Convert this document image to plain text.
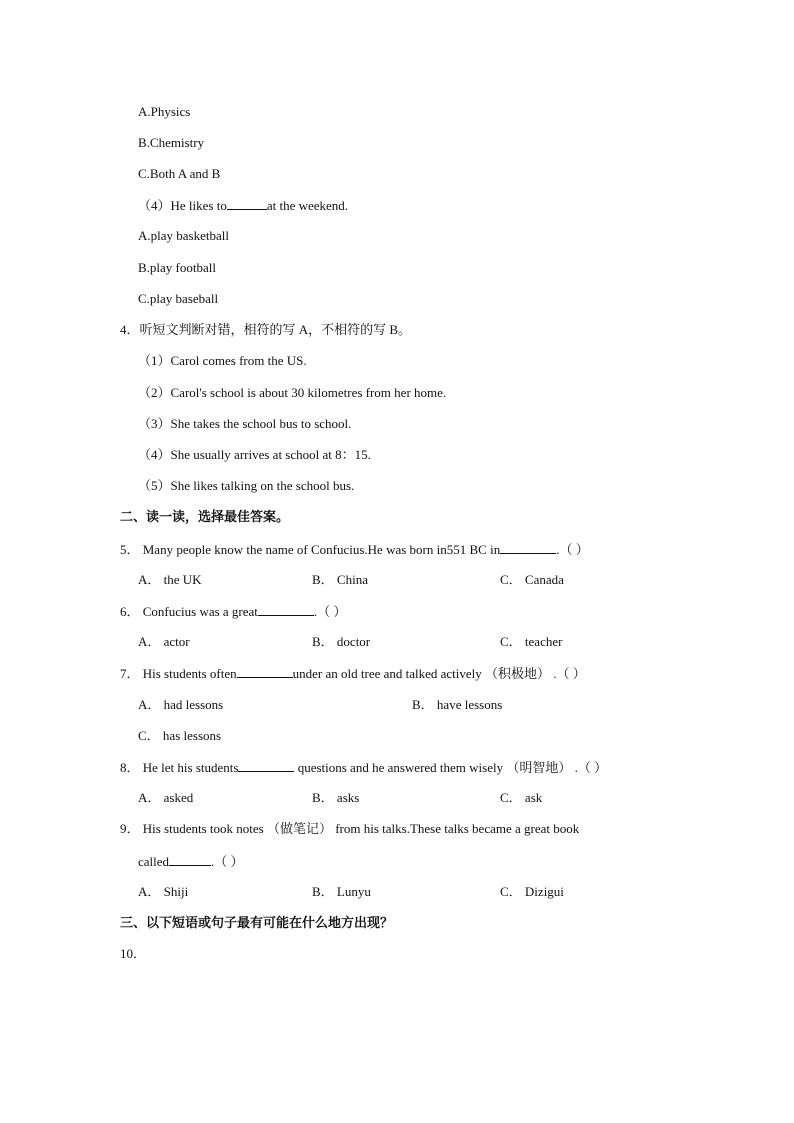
A.Physics
B.Chemistry
C.Both A and B
（4）He likes to	at the weekend.
A.play basketball
B.play football
C.play baseball
4．听短文判断对错，相符的写 A，不相符的写 B。
（1）Carol comes from the US.
（2）Carol's school is about 30 kilometres from her home.
（3）She takes the school bus to school.
（4）She usually arrives at school at 8：15.
（5）She likes talking on the school bus.
二、读一读，选择最佳答案。
5． Many people know the name of Confucius.He was born in551 BC in	.（ ）
A． the UK	B． China	C． Canada
6． Confucius was a great	.（ ）
A． actor	B． doctor	C． teacher
7． His students often	under an old tree and talked actively （积极地） .（ ）
A． had lessons	B． have lessons
C． has lessons
8． He let his students	questions and he answered them wisely （明智地） .（ ）
A． asked	B． asks	C． ask
9． His students took notes （做笔记） from his talks.These talks became a great book
called	.（ ）
A． Shiji	B． Lunyu	C． Dizigui
三、以下短语或句子最有可能在什么地方出现？
10．
